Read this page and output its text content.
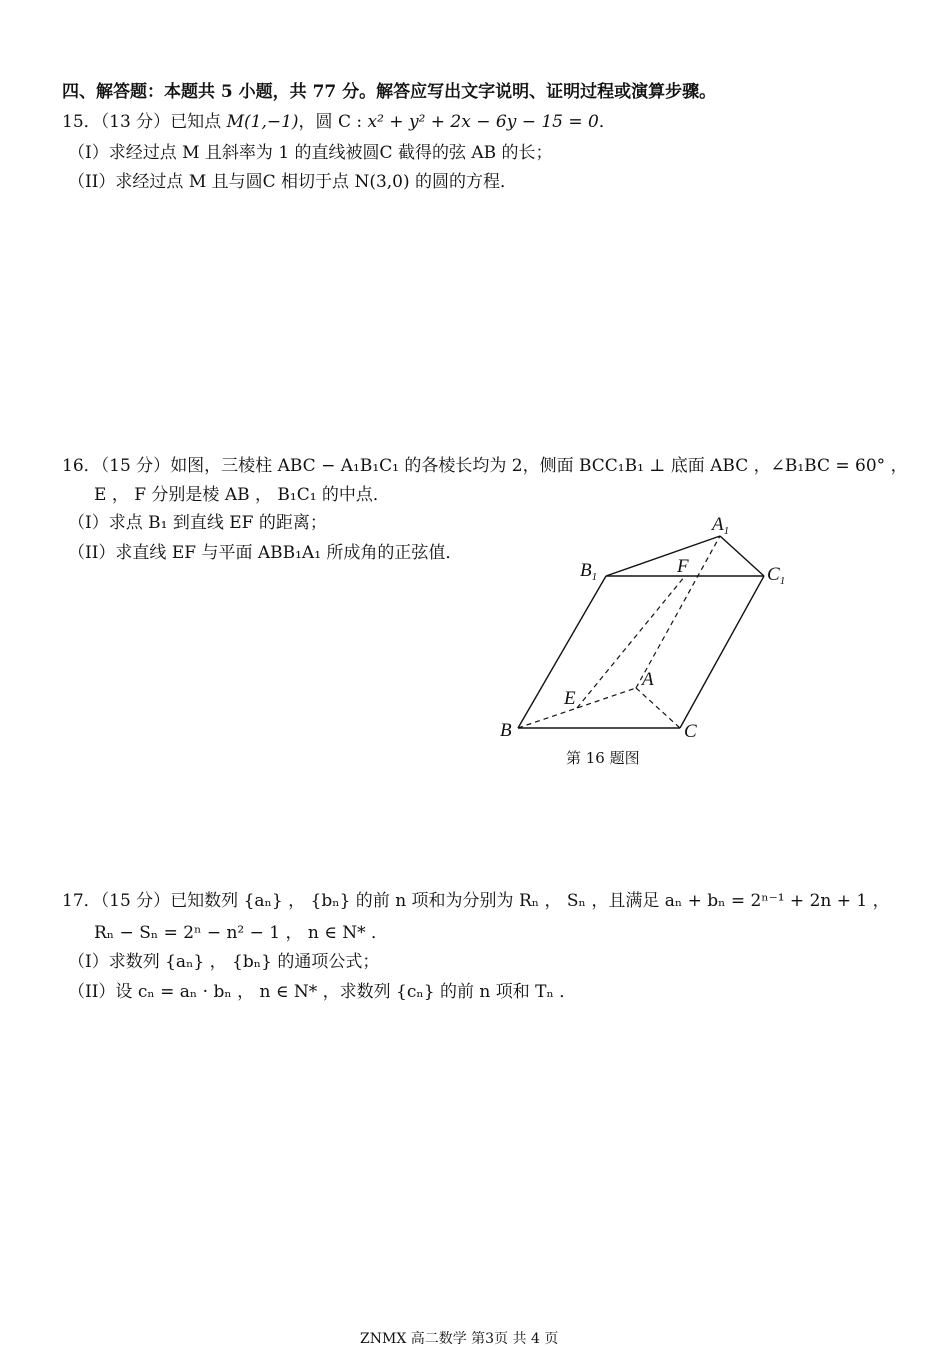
四、解答题：本题共 5 小题，共 77 分。解答应写出文字说明、证明过程或演算步骤。
15．（13 分）已知点 M(1,−1)，圆 C : x² + y² + 2x − 6y − 15 = 0．
（I）求经过点 M 且斜率为 1 的直线被圆C 截得的弦 AB 的长；
（II）求经过点 M 且与圆C 相切于点 N(3,0) 的圆的方程．
16．（15 分）如图，三棱柱 ABC − A₁B₁C₁ 的各棱长均为 2，侧面 BCC₁B₁ ⊥ 底面 ABC ，∠B₁BC = 60° ，
E ， F 分别是棱 AB ， B₁C₁ 的中点．
（I）求点 B₁ 到直线 EF 的距离；
（II）求直线 EF 与平面 ABB₁A₁ 所成角的正弦值．
$A_1$
$B_1$	$C_1$
F
A
E
B	C
第 16 题图
17．（15 分）已知数列 {aₙ} ， {bₙ} 的前 n 项和为分别为 Rₙ ， Sₙ ，且满足 aₙ + bₙ = 2ⁿ⁻¹ + 2n + 1 ，
Rₙ − Sₙ = 2ⁿ − n² − 1 ， n ∈ N* ．
（I）求数列 {aₙ} ， {bₙ} 的通项公式；
（II）设 cₙ = aₙ · bₙ ， n ∈ N* ，求数列 {cₙ} 的前 n 项和 Tₙ ．
ZNMX 高二数学 第3页 共 4 页
